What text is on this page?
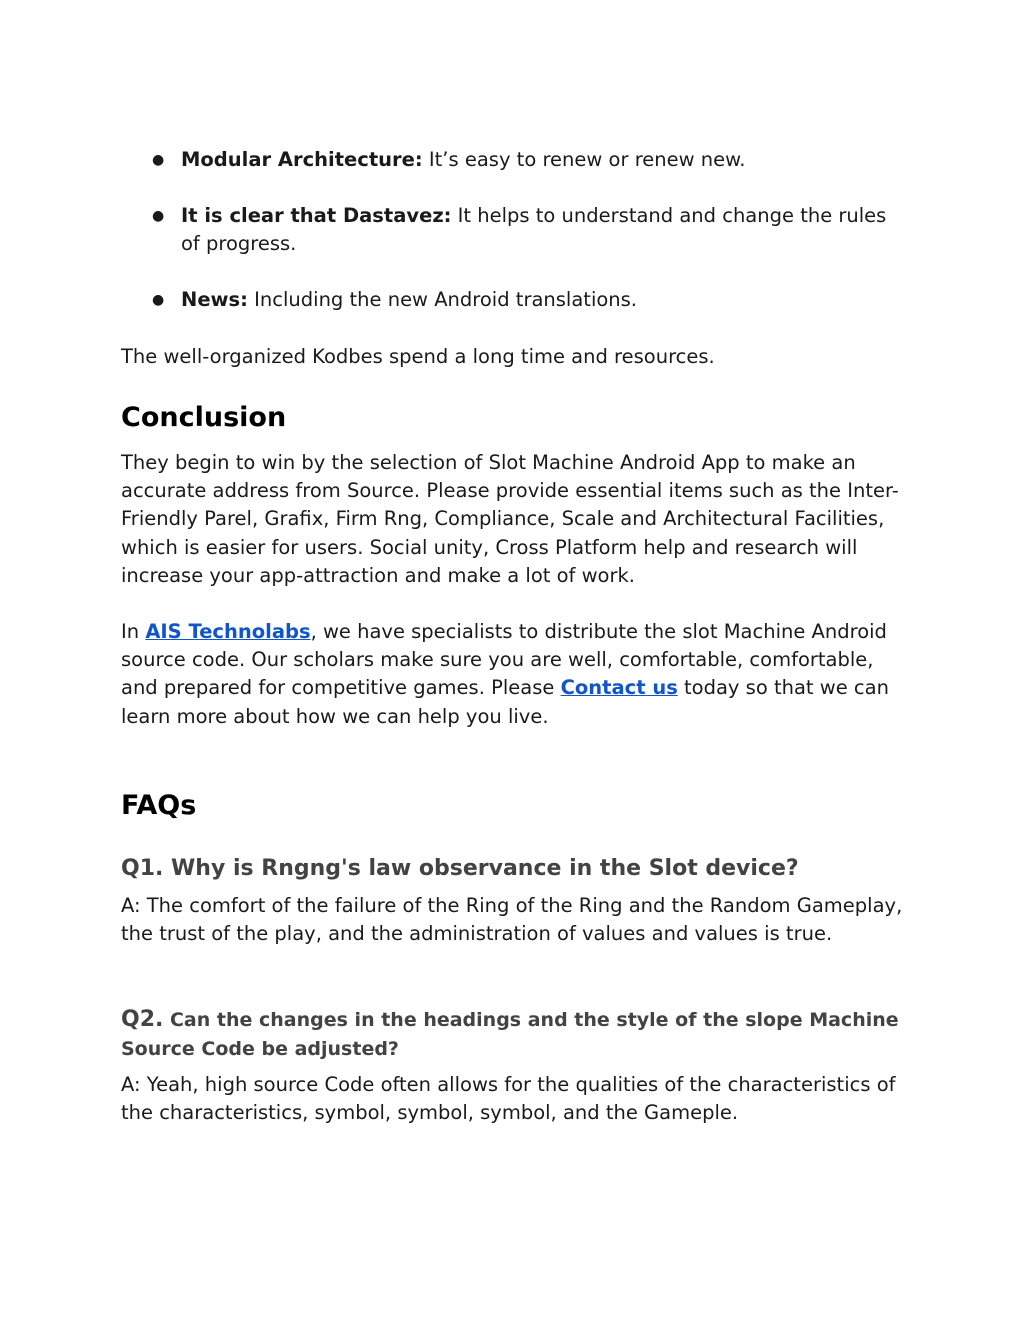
● Modular Architecture: It’s easy to renew or renew new.
● It is clear that Dastavez: It helps to understand and change the rules of progress.
● News: Including the new Android translations.

The well-organized Kodbes spend a long time and resources.

Conclusion

They begin to win by the selection of Slot Machine Android App to make an accurate address from Source. Please provide essential items such as the Inter-Friendly Parel, Grafix, Firm Rng, Compliance, Scale and Architectural Facilities, which is easier for users. Social unity, Cross Platform help and research will increase your app-attraction and make a lot of work.

In AIS Technolabs, we have specialists to distribute the slot Machine Android source code. Our scholars make sure you are well, comfortable, comfortable, and prepared for competitive games. Please Contact us today so that we can learn more about how we can help you live.

FAQs
Q1. Why is Rngng's law observance in the Slot device?

A: The comfort of the failure of the Ring of the Ring and the Random Gameplay, the trust of the play, and the administration of values and values is true.

Q2. Can the changes in the headings and the style of the slope Machine Source Code be adjusted?

A: Yeah, high source Code often allows for the qualities of the characteristics of the characteristics, symbol, symbol, symbol, and the Gameple.
